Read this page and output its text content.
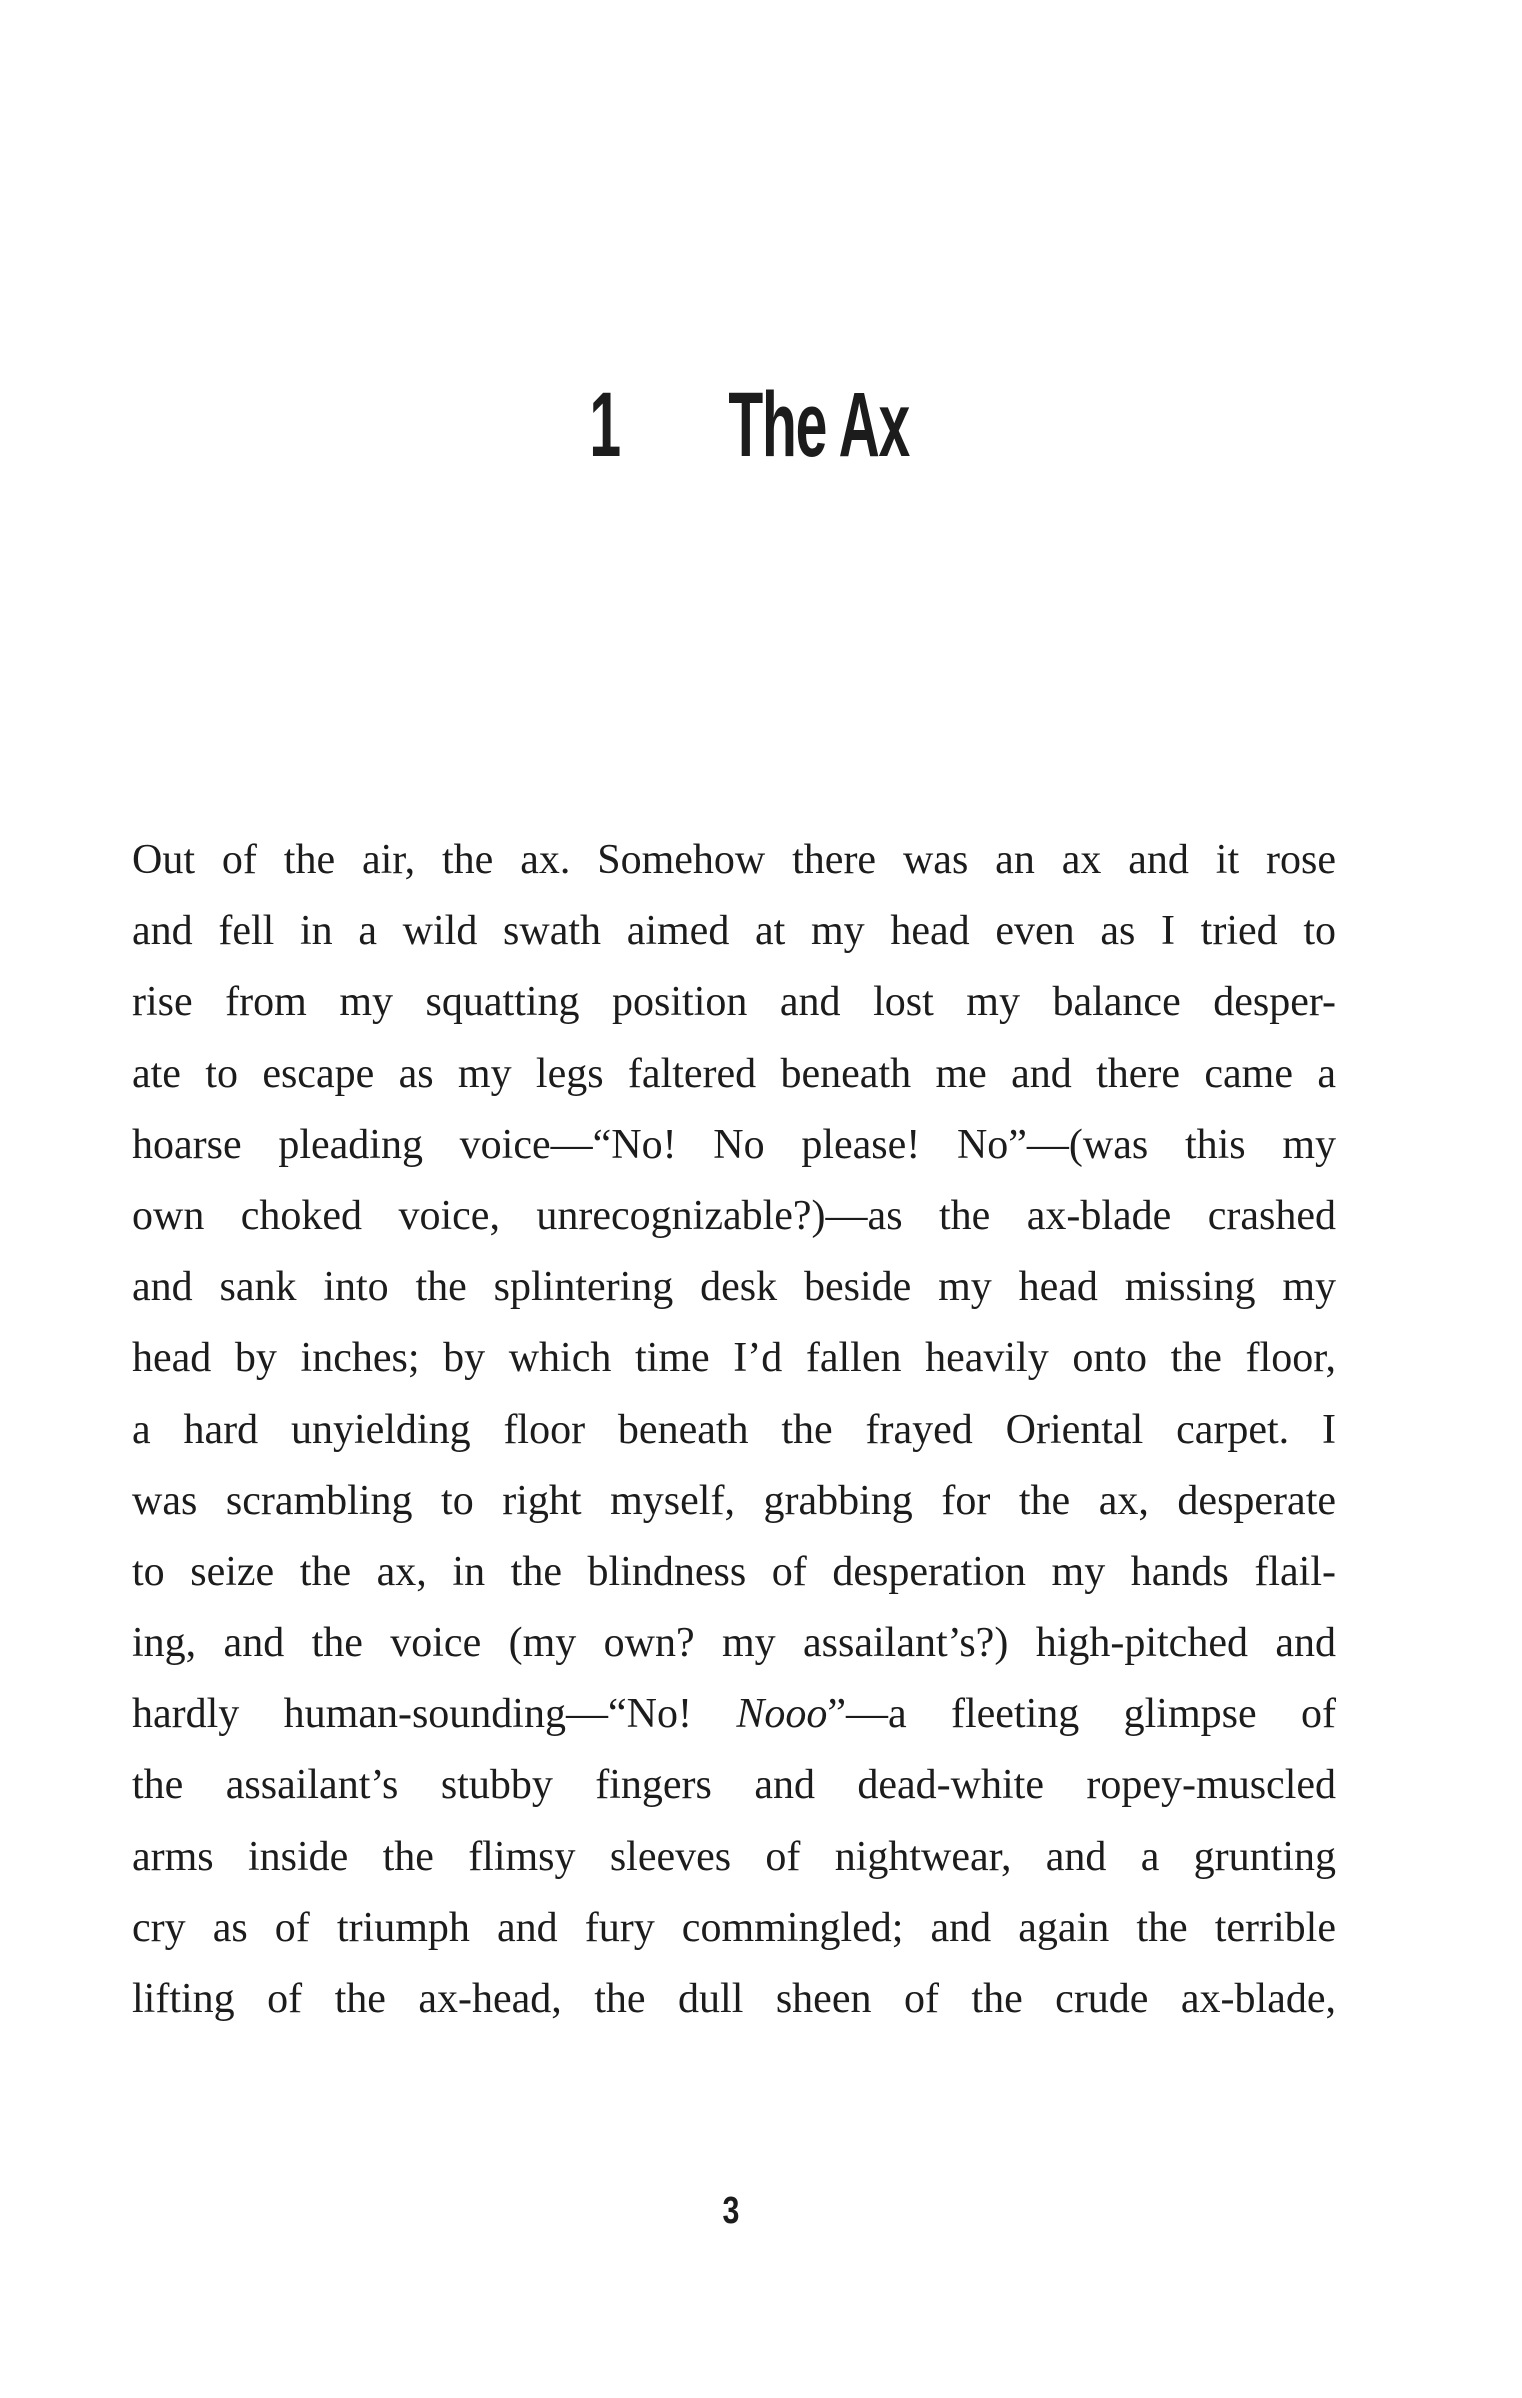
1 The Ax
Out of the air, the ax. Somehow there was an ax and it rose
and fell in a wild swath aimed at my head even as I tried to
rise from my squatting position and lost my balance desper-
ate to escape as my legs faltered beneath me and there came a
hoarse pleading voice—“No! No please! No”—(was this my
own choked voice, unrecognizable?)—as the ax-blade crashed
and sank into the splintering desk beside my head missing my
head by inches; by which time I’d fallen heavily onto the floor,
a hard unyielding floor beneath the frayed Oriental carpet. I
was scrambling to right myself, grabbing for the ax, desperate
to seize the ax, in the blindness of desperation my hands flail-
ing, and the voice (my own? my assailant’s?) high-pitched and
hardly human-sounding—“No! Nooo”—a fleeting glimpse of
the assailant’s stubby fingers and dead-white ropey-muscled
arms inside the flimsy sleeves of nightwear, and a grunting
cry as of triumph and fury commingled; and again the terrible
lifting of the ax-head, the dull sheen of the crude ax-blade,
3
